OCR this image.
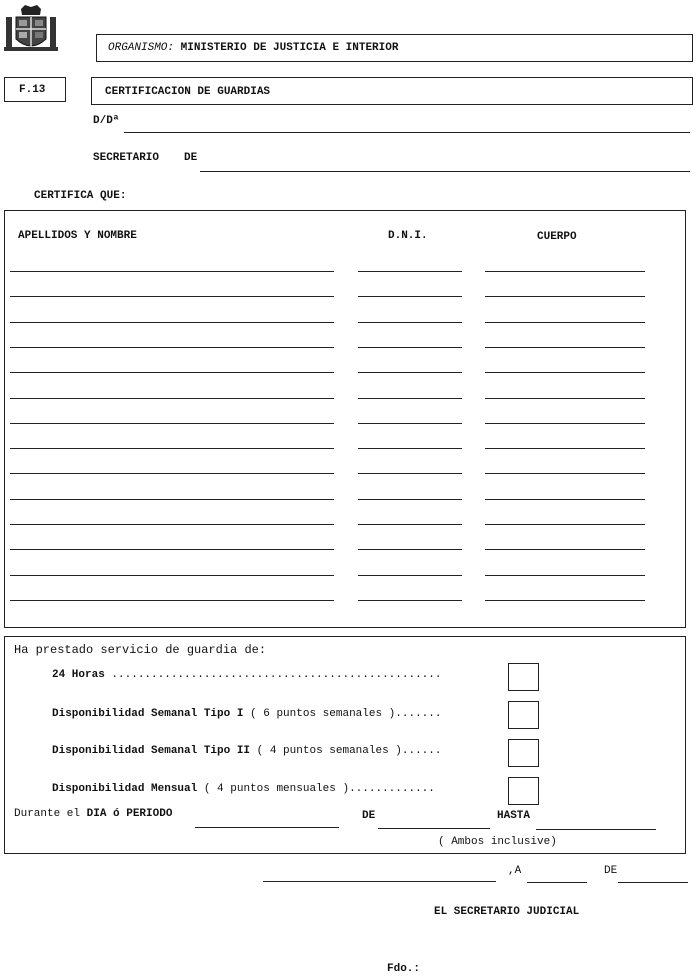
ORGANISMO: MINISTERIO DE JUSTICIA E INTERIOR
F.13	CERTIFICACION DE GUARDIAS
D/Dª
SECRETARIO DE
CERTIFICA QUE:
APELLIDOS Y NOMBRE	D.N.I.	CUERPO
Ha prestado servicio de guardia de:
24 Horas ..................................................
Disponibilidad Semanal Tipo I ( 6 puntos semanales ).......
Disponibilidad Semanal Tipo II ( 4 puntos semanales )......
Disponibilidad Mensual ( 4 puntos mensuales ).............
Durante el DIA ó PERIODO	DE	HASTA
( Ambos inclusive)
,A	DE
EL SECRETARIO JUDICIAL
Fdo.:
